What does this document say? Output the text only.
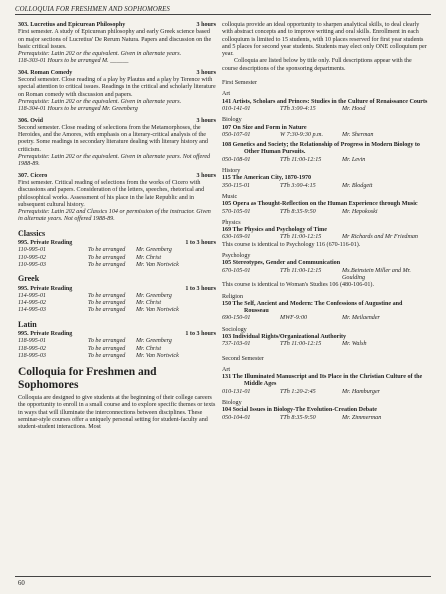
COLLOQUIA FOR FRESHMEN AND SOPHOMORES
303. Lucretius and Epicurean Philosophy	3 hours

First semester. A study of Epicurean philosophy and early Greek science based on major sections of Lucretius' De Rerum Natura. Papers and discussion on the basic critical issues.

Prerequisite: Latin 202 or the equivalent. Given in alternate years.

118-303-01 Hours to be arranged M. ______

304. Roman Comedy	3 hours

Second semester. Close reading of a play by Plautus and a play by Terence with special attention to critical issues. Readings in the critical and scholarly literature on Roman comedy with discussion and papers.

Prerequisite: Latin 202 or the equivalent. Given in alternate years.

118-304-01 Hours to be arranged Mr. Greenberg

306. Ovid	3 hours

Second semester. Close reading of selections from the Metamorphoses, the Heroides, and the Amores, with emphasis on a literary-critical analysis of the poetry. Some readings in secondary literature dealing with literary history and criticism.

Prerequisite: Latin 202 or the equivalent. Given in alternate years. Not offered 1988-89.

307. Cicero	3 hours

First semester. Critical reading of selections from the works of Cicero with discussions and papers. Consideration of the letters, speeches, rhetorical and philosophical works. Assessment of his place in the late Republic and in subsequent cultural history.

Prerequisite: Latin 202 and Classics 104 or permission of the instructor. Given in alternate years. Not offered 1988-89.

Classics
995. Private Reading	1 to 3 hours
110-995-01	To be arranged	Mr. Greenberg
110-995-02	To be arranged	Mr. Christ
110-995-03	To be arranged	Mr. Van Nortwick
Greek
995. Private Reading	1 to 3 hours
114-995-01	To be arranged	Mr. Greenberg
114-995-02	To be arranged	Mr. Christ
114-995-03	To be arranged	Mr. Van Nortwick
Latin
995. Private Reading	1 to 3 hours
118-995-01	To be arranged	Mr. Greenberg
118-995-02	To be arranged	Mr. Christ
118-995-03	To be arranged	Mr. Van Nortwick
Colloquia for Freshmen and Sophomores

Colloquia are designed to give students at the beginning of their college careers the opportunity to enroll in a small course and to explore specific themes or texts in ways that will illuminate the interconnections between disciplines. These seminar-style courses offer a uniquely personal setting for student-faculty and student-student interactions. Most

colloquia provide an ideal opportunity to sharpen analytical skills, to deal clearly with abstract concepts and to improve writing and oral skills. Enrollment in each colloquium is limited to 15 students, with 10 places reserved for first year students and 5 places for second year students. Students may elect only ONE colloquium per year.

Colloquia are listed below by title only. Full descriptions appear with the course descriptions of the sponsoring departments.

First Semester
Art
141 Artists, Scholars and Princes: Studies in the Culture of Renaissance Courts
010-141-01	TTh 3:00-4:15	Mr. Hood
Biology
107 On Size and Form in Nature
050-107-01	W 7:30-9:30 p.m.	Mr. Sherman
108 Genetics and Society; the Relationship of Progress in Modern Biology to Other Human Pursuits.
050-108-01	TTh 11:00-12:15	Mr. Levin
History
115 The American City, 1870-1970
350-115-01	TTh 3:00-4:15	Mr. Blodgett
Music
105 Opera as Thought-Reflection on the Human Experience through Music
570-105-01	TTh 8:35-9:50	Mr. Hepokoski
Physics
169 The Physics and Psychology of Time
630-169-01	TTh 11:00-12:15	Mr Richards and Mr Friedman
This course is identical to Psychology 116 (670-116-01).
Psychology
105 Stereotypes, Gender and Communication
670-105-01	TTh 11:00-12:15	Ms.Beinstein Miller and Mr. Goulding
This course is identical to Woman's Studies 106 (480-106-01).
Religion
150 The Self, Ancient and Modern: The Confessions of Augustine and Rousseau
690-150-01	MWF-9:00	Mr. Meilaender
Sociology
103 Individual Rights/Organizational Authority
737-103-01	TTh 11:00-12:15	Mr. Walsh
Second Semester
Art
131 The Illuminated Manuscript and Its Place in the Christian Culture of the Middle Ages
010-131-01	TTh 1:20-2:45	Mr. Hamburger
Biology
104 Social Issues in Biology-The Evolution-Creation Debate
050-104-01	TTh 8:35-9:50	Mr. Zimmerman
60
